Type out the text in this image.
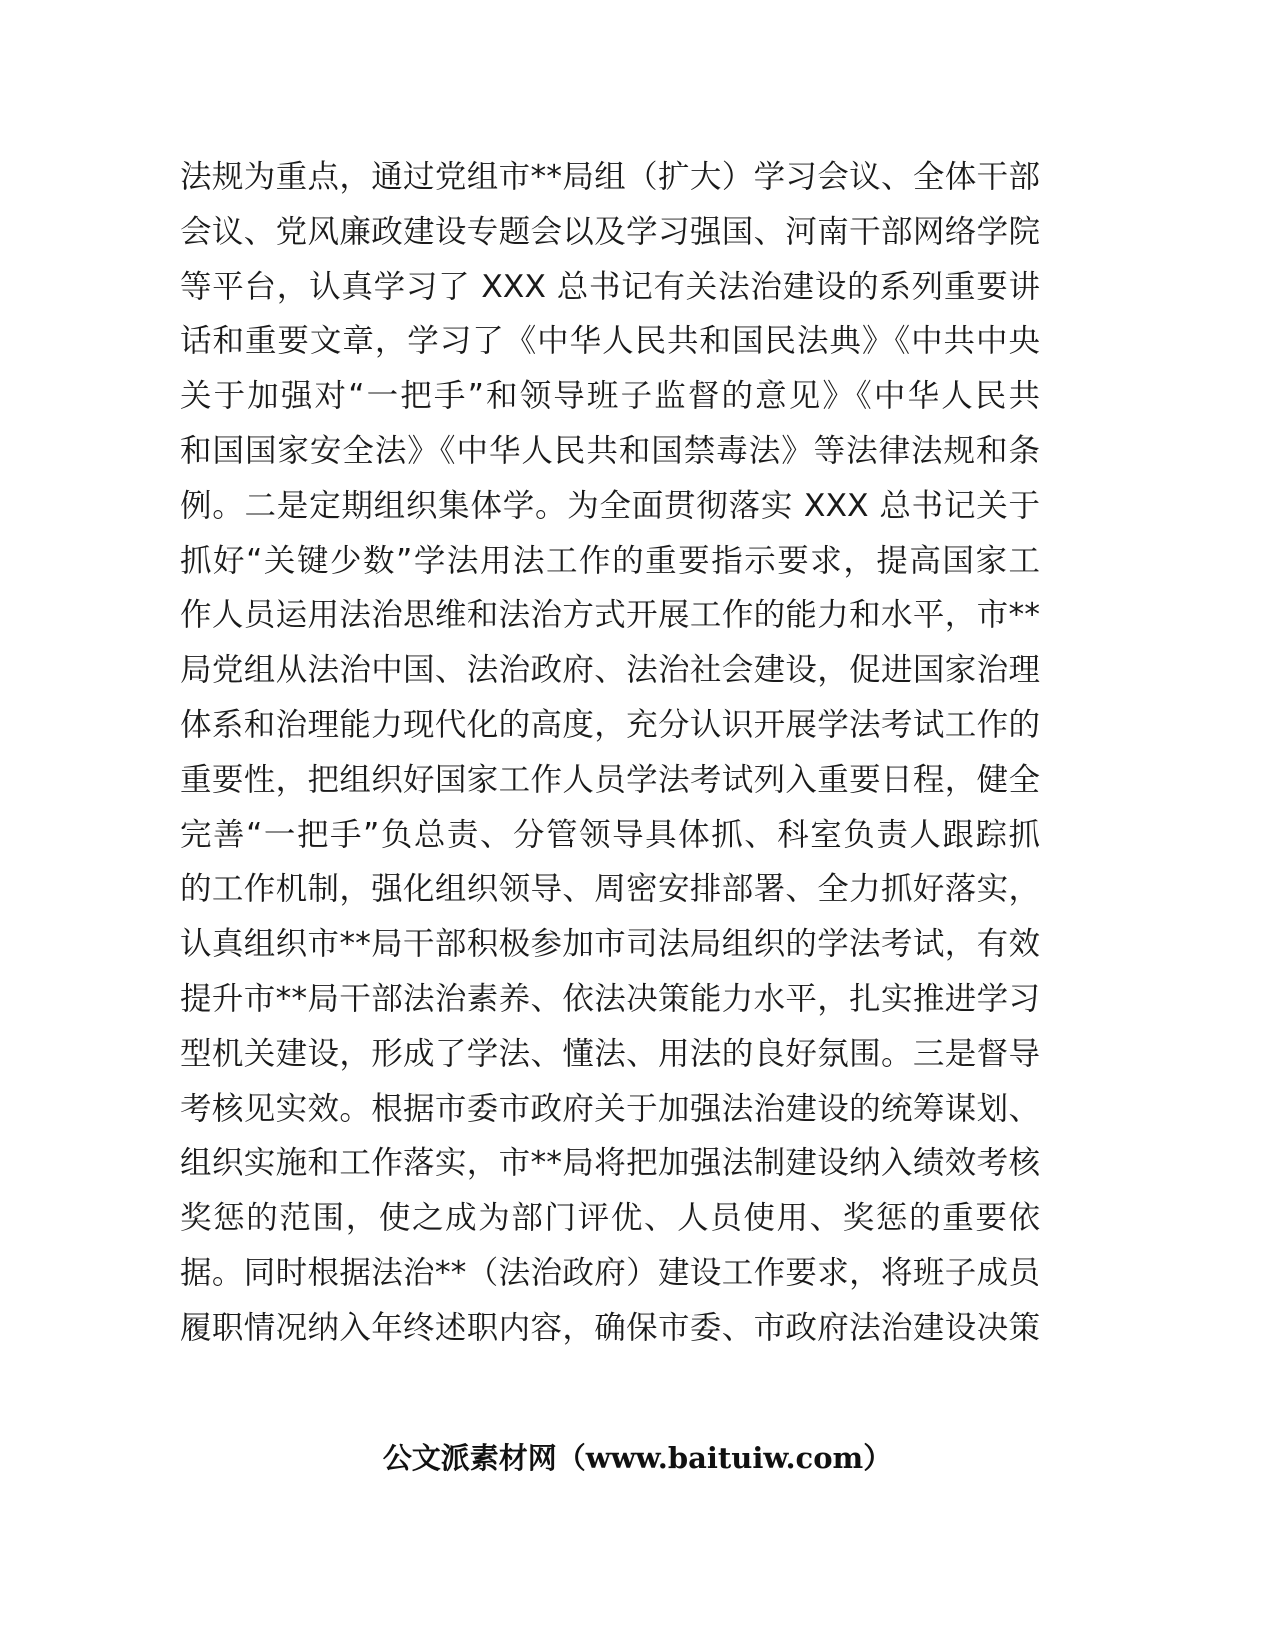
法规为重点，通过党组市**局组（扩大）学习会议、全体干部
会议、党风廉政建设专题会以及学习强国、河南干部网络学院
等平台，认真学习了 XXX 总书记有关法治建设的系列重要讲
话和重要文章，学习了《中华人民共和国民法典》《中共中央
关于加强对“一把手”和领导班子监督的意见》《中华人民共
和国国家安全法》《中华人民共和国禁毒法》等法律法规和条
例。二是定期组织集体学。为全面贯彻落实 XXX 总书记关于
抓好“关键少数”学法用法工作的重要指示要求，提高国家工
作人员运用法治思维和法治方式开展工作的能力和水平，市**
局党组从法治中国、法治政府、法治社会建设，促进国家治理
体系和治理能力现代化的高度，充分认识开展学法考试工作的
重要性，把组织好国家工作人员学法考试列入重要日程，健全
完善“一把手”负总责、分管领导具体抓、科室负责人跟踪抓
的工作机制，强化组织领导、周密安排部署、全力抓好落实，
认真组织市**局干部积极参加市司法局组织的学法考试，有效
提升市**局干部法治素养、依法决策能力水平，扎实推进学习
型机关建设，形成了学法、懂法、用法的良好氛围。三是督导
考核见实效。根据市委市政府关于加强法治建设的统筹谋划、
组织实施和工作落实，市**局将把加强法制建设纳入绩效考核
奖惩的范围，使之成为部门评优、人员使用、奖惩的重要依
据。同时根据法治**（法治政府）建设工作要求，将班子成员
履职情况纳入年终述职内容，确保市委、市政府法治建设决策
公文派素材网（www.baituiw.com）
